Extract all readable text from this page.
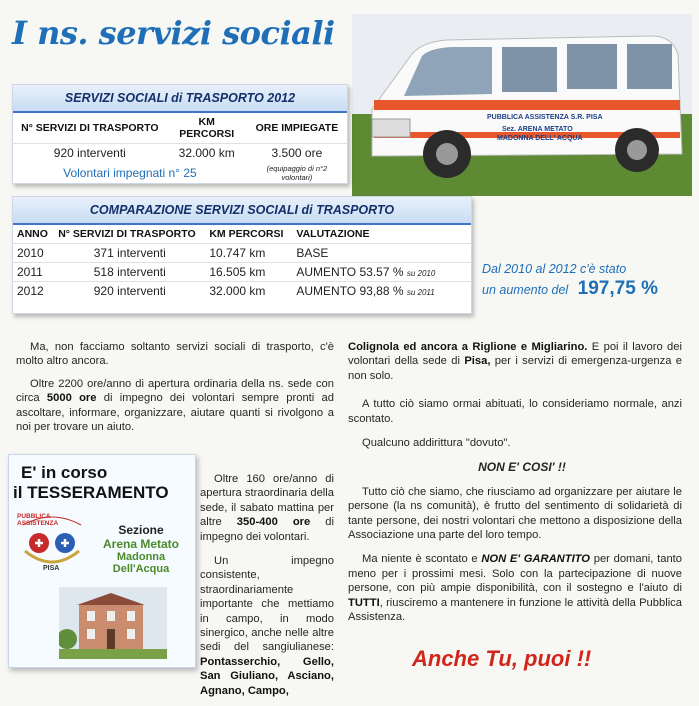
I ns. servizi sociali
PUBBLICA ASSISTENZA S.R. PISA
Sez. ARENA METATO
MADONNA DELL' ACQUA
SERVIZI SOCIALI di TRASPORTO 2012
N° SERVIZI DI TRASPORTO	KM PERCORSI	ORE IMPIEGATE
920 interventi	32.000 km	3.500 ore
Volontari impegnati n° 25		(equipaggio di n°2 volontari)
COMPARAZIONE SERVIZI SOCIALI di TRASPORTO
ANNO	N° SERVIZI DI TRASPORTO	KM PERCORSI	VALUTAZIONE
2010	371 interventi	10.747 km	BASE
2011	518 interventi	16.505 km	AUMENTO 53.57 % su 2010
2012	920 interventi	32.000 km	AUMENTO 93,88 % su 2011
Dal 2010 al 2012 c'è stato
un aumento del 197,75 %

Ma, non facciamo soltanto servizi sociali di trasporto, c'è molto altro ancora.

Oltre 2200 ore/anno di apertura ordinaria della ns. sede con circa 5000 ore di impegno dei volontari sempre pronti ad ascoltare, informare, organizzare, aiutare quanti si rivolgono a noi per trovare un aiuto.

E' in corso
il TESSERAMENTO
PUBBLICA ASSISTENZA
PISA
Sezione
Arena Metato
Madonna Dell'Acqua

Oltre 160 ore/anno di apertura straordinaria della sede, il sabato mattina per altre 350-400 ore di impegno dei volontari.

Un impegno consistente, straordinariamente importante che mettiamo in campo, in modo sinergico, anche nelle altre sedi del sangiulianese: Pontasserchio, Gello, San Giuliano, Asciano, Agnano, Campo,

Colignola ed ancora a Riglione e Migliarino. E poi il lavoro dei volontari della sede di Pisa, per i servizi di emergenza-urgenza e non solo.

A tutto ciò siamo ormai abituati, lo consideriamo normale, anzi scontato.

Qualcuno addirittura "dovuto".

NON E' COSI' !!

Tutto ciò che siamo, che riusciamo ad organizzare per aiutare le persone (la ns comunità), è frutto del sentimento di solidarietà di tante persone, dei nostri volontari che mettono a disposizione della Associazione una parte del loro tempo.

Ma niente è scontato e NON E' GARANTITO per domani, tanto meno per i prossimi mesi. Solo con la partecipazione di nuove persone, con più ampie disponibilità, con il sostegno e l'aiuto di TUTTI, riusciremo a mantenere in funzione le attività della Pubblica Assistenza.

Anche Tu, puoi !!
